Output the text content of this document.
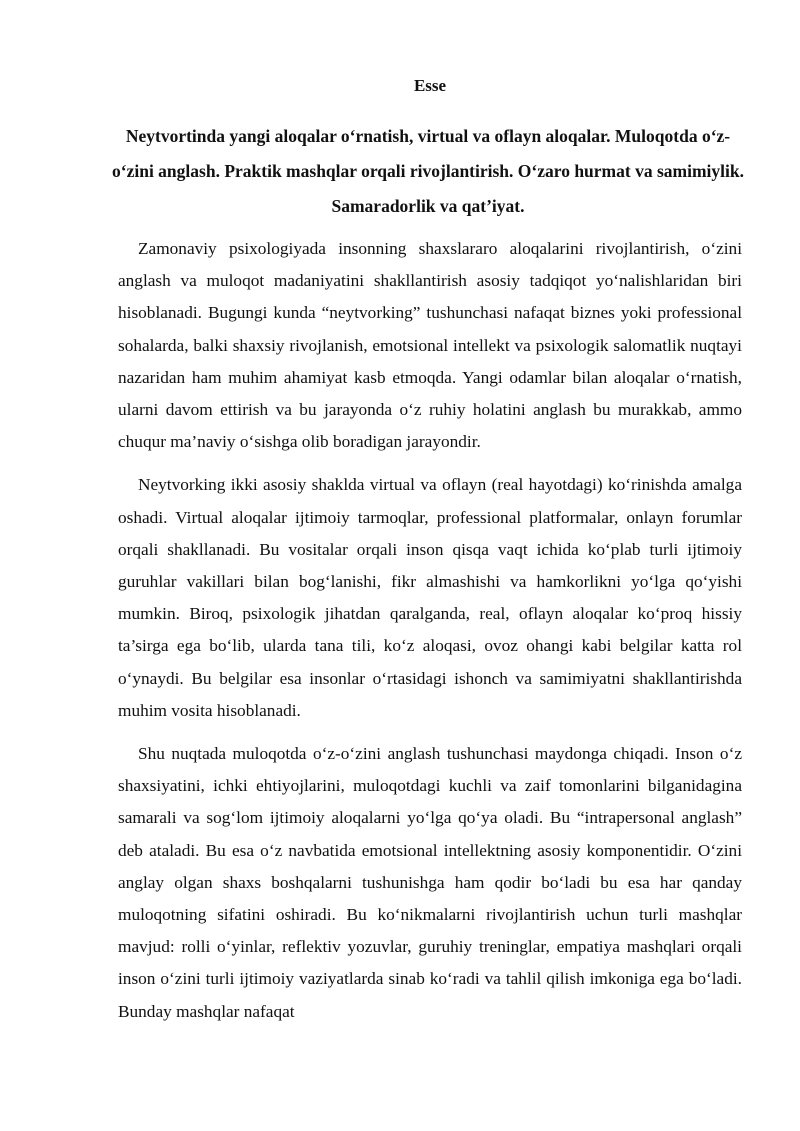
Esse
Neytvortinda yangi aloqalar o‘rnatish, virtual va oflayn aloqalar. Muloqotda o‘z-o‘zini anglash. Praktik mashqlar orqali rivojlantirish. O‘zaro hurmat va samimiylik. Samaradorlik va qat’iyat.

Zamonaviy psixologiyada insonning shaxslararo aloqalarini rivojlantirish, o‘zini anglash va muloqot madaniyatini shakllantirish asosiy tadqiqot yo‘nalishlaridan biri hisoblanadi. Bugungi kunda “neytvorking” tushunchasi nafaqat biznes yoki professional sohalarda, balki shaxsiy rivojlanish, emotsional intellekt va psixologik salomatlik nuqtayi nazaridan ham muhim ahamiyat kasb etmoqda. Yangi odamlar bilan aloqalar o‘rnatish, ularni davom ettirish va bu jarayonda o‘z ruhiy holatini anglash bu murakkab, ammo chuqur ma’naviy o‘sishga olib boradigan jarayondir.

Neytvorking ikki asosiy shaklda virtual va oflayn (real hayotdagi) ko‘rinishda amalga oshadi. Virtual aloqalar ijtimoiy tarmoqlar, professional platformalar, onlayn forumlar orqali shakllanadi. Bu vositalar orqali inson qisqa vaqt ichida ko‘plab turli ijtimoiy guruhlar vakillari bilan bog‘lanishi, fikr almashishi va hamkorlikni yo‘lga qo‘yishi mumkin. Biroq, psixologik jihatdan qaralganda, real, oflayn aloqalar ko‘proq hissiy ta’sirga ega bo‘lib, ularda tana tili, ko‘z aloqasi, ovoz ohangi kabi belgilar katta rol o‘ynaydi. Bu belgilar esa insonlar o‘rtasidagi ishonch va samimiyatni shakllantirishda muhim vosita hisoblanadi.

Shu nuqtada muloqotda o‘z-o‘zini anglash tushunchasi maydonga chiqadi. Inson o‘z shaxsiyatini, ichki ehtiyojlarini, muloqotdagi kuchli va zaif tomonlarini bilganidagina samarali va sog‘lom ijtimoiy aloqalarni yo‘lga qo‘ya oladi. Bu “intrapersonal anglash” deb ataladi. Bu esa o‘z navbatida emotsional intellektning asosiy komponentidir. O‘zini anglay olgan shaxs boshqalarni tushunishga ham qodir bo‘ladi bu esa har qanday muloqotning sifatini oshiradi. Bu ko‘nikmalarni rivojlantirish uchun turli mashqlar mavjud: rolli o‘yinlar, reflektiv yozuvlar, guruhiy treninglar, empatiya mashqlari orqali inson o‘zini turli ijtimoiy vaziyatlarda sinab ko‘radi va tahlil qilish imkoniga ega bo‘ladi. Bunday mashqlar nafaqat
